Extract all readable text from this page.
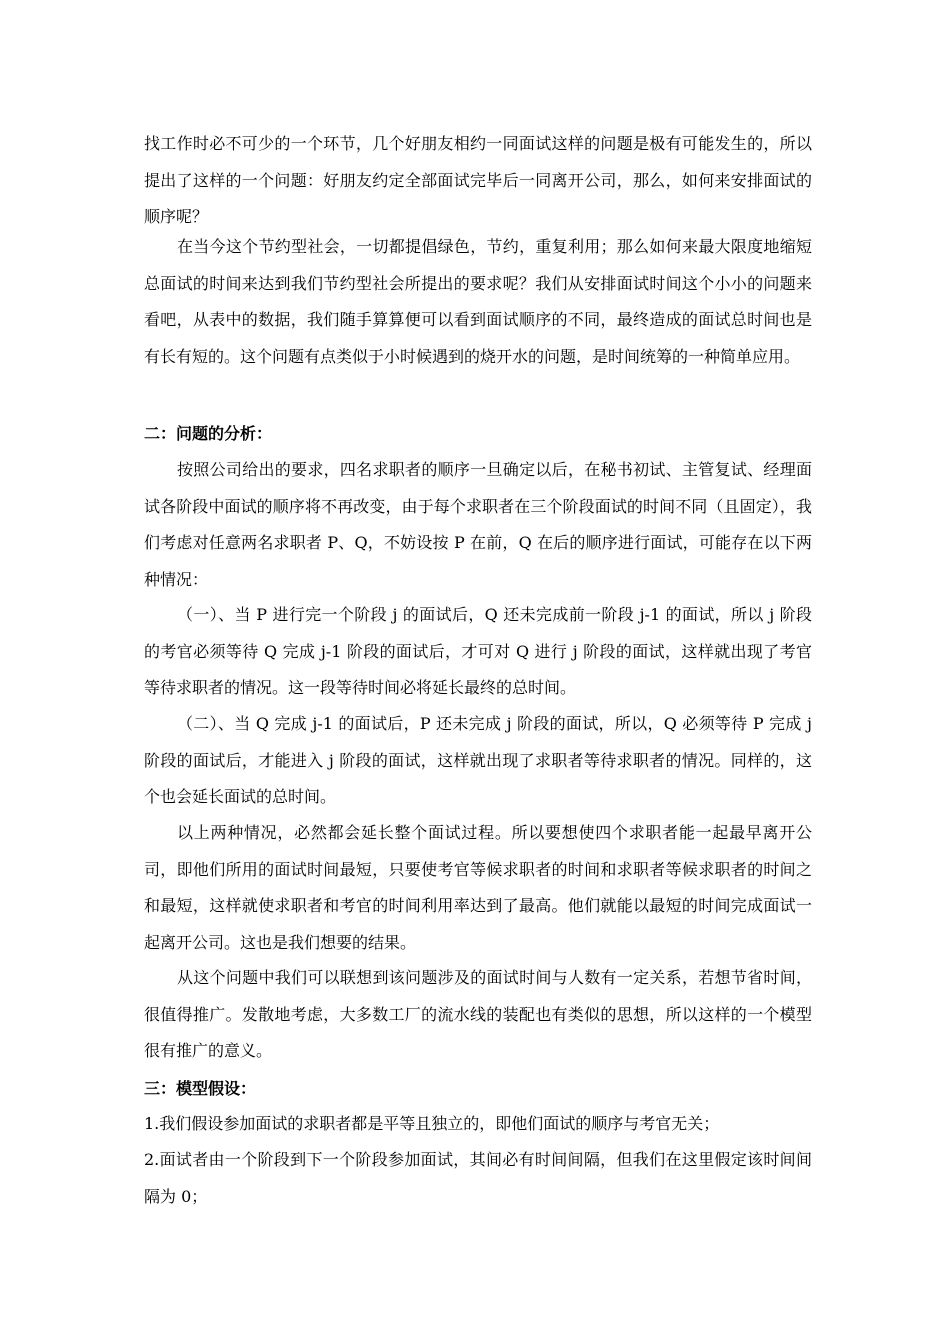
找工作时必不可少的一个环节，几个好朋友相约一同面试这样的问题是极有可能发生的，所以提出了这样的一个问题：好朋友约定全部面试完毕后一同离开公司，那么，如何来安排面试的顺序呢？

在当今这个节约型社会，一切都提倡绿色，节约，重复利用；那么如何来最大限度地缩短总面试的时间来达到我们节约型社会所提出的要求呢？我们从安排面试时间这个小小的问题来看吧，从表中的数据，我们随手算算便可以看到面试顺序的不同，最终造成的面试总时间也是有长有短的。这个问题有点类似于小时候遇到的烧开水的问题，是时间统筹的一种简单应用。

二：问题的分析：

按照公司给出的要求，四名求职者的顺序一旦确定以后，在秘书初试、主管复试、经理面试各阶段中面试的顺序将不再改变，由于每个求职者在三个阶段面试的时间不同（且固定），我们考虑对任意两名求职者 P、Q，不妨设按 P 在前，Q 在后的顺序进行面试，可能存在以下两种情况：

（一）、当 P 进行完一个阶段 j 的面试后，Q 还未完成前一阶段 j-1 的面试，所以 j 阶段的考官必须等待 Q 完成 j-1 阶段的面试后，才可对 Q 进行 j 阶段的面试，这样就出现了考官等待求职者的情况。这一段等待时间必将延长最终的总时间。

（二）、当 Q 完成 j-1 的面试后，P 还未完成 j 阶段的面试，所以，Q 必须等待 P 完成 j 阶段的面试后，才能进入 j 阶段的面试，这样就出现了求职者等待求职者的情况。同样的，这个也会延长面试的总时间。

以上两种情况，必然都会延长整个面试过程。所以要想使四个求职者能一起最早离开公司，即他们所用的面试时间最短，只要使考官等候求职者的时间和求职者等候求职者的时间之和最短，这样就使求职者和考官的时间利用率达到了最高。他们就能以最短的时间完成面试一起离开公司。这也是我们想要的结果。

从这个问题中我们可以联想到该问题涉及的面试时间与人数有一定关系，若想节省时间，很值得推广。发散地考虑，大多数工厂的流水线的装配也有类似的思想，所以这样的一个模型很有推广的意义。

三：模型假设：

1.我们假设参加面试的求职者都是平等且独立的，即他们面试的顺序与考官无关；

2.面试者由一个阶段到下一个阶段参加面试，其间必有时间间隔，但我们在这里假定该时间间隔为 0；
